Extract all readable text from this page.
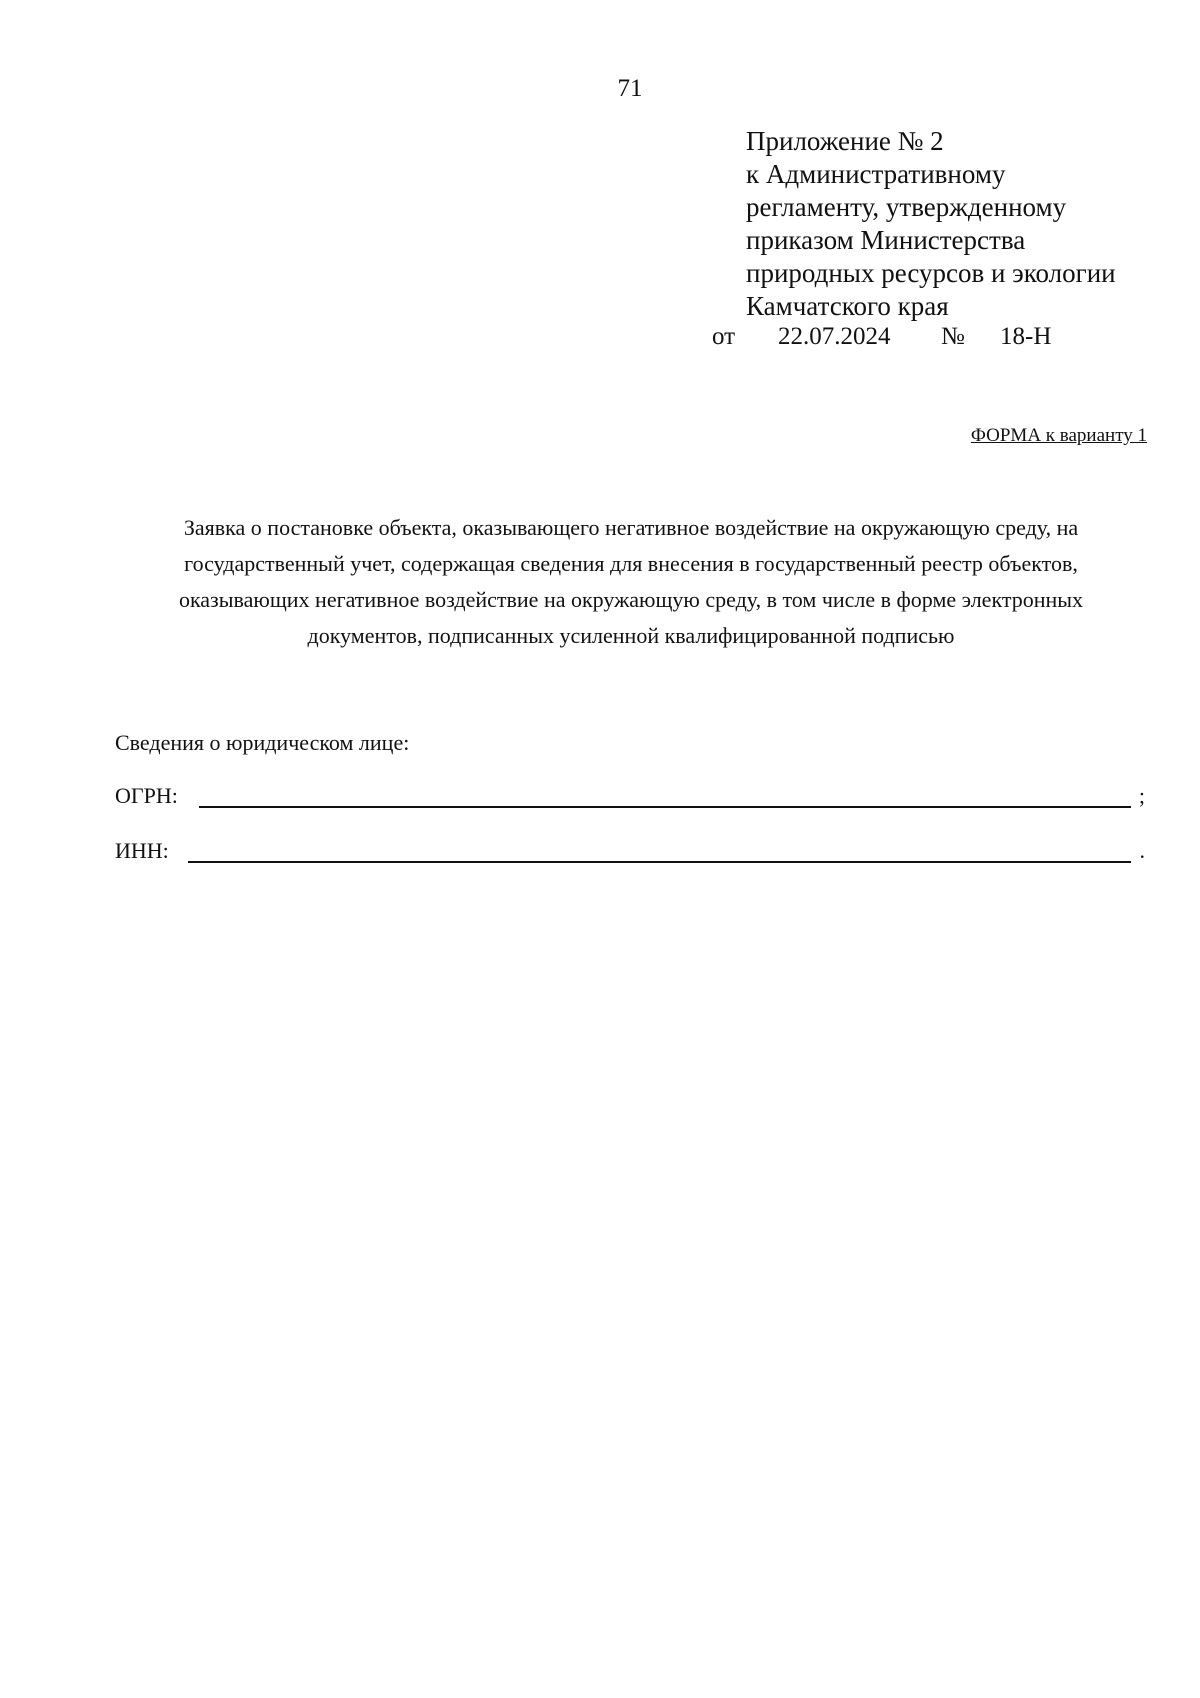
71
Приложение № 2
к Административному
регламенту, утвержденному
приказом Министерства
природных ресурсов и экологии
Камчатского края
от 22.07.2024 № 18-Н
ФОРМА к варианту 1
Заявка о постановке объекта, оказывающего негативное воздействие на окружающую среду, на
государственный учет, содержащая сведения для внесения в государственный реестр объектов,
оказывающих негативное воздействие на окружающую среду, в том числе в форме электронных
документов, подписанных усиленной квалифицированной подписью
Сведения о юридическом лице:
ОГРН:	;
ИНН:	.
